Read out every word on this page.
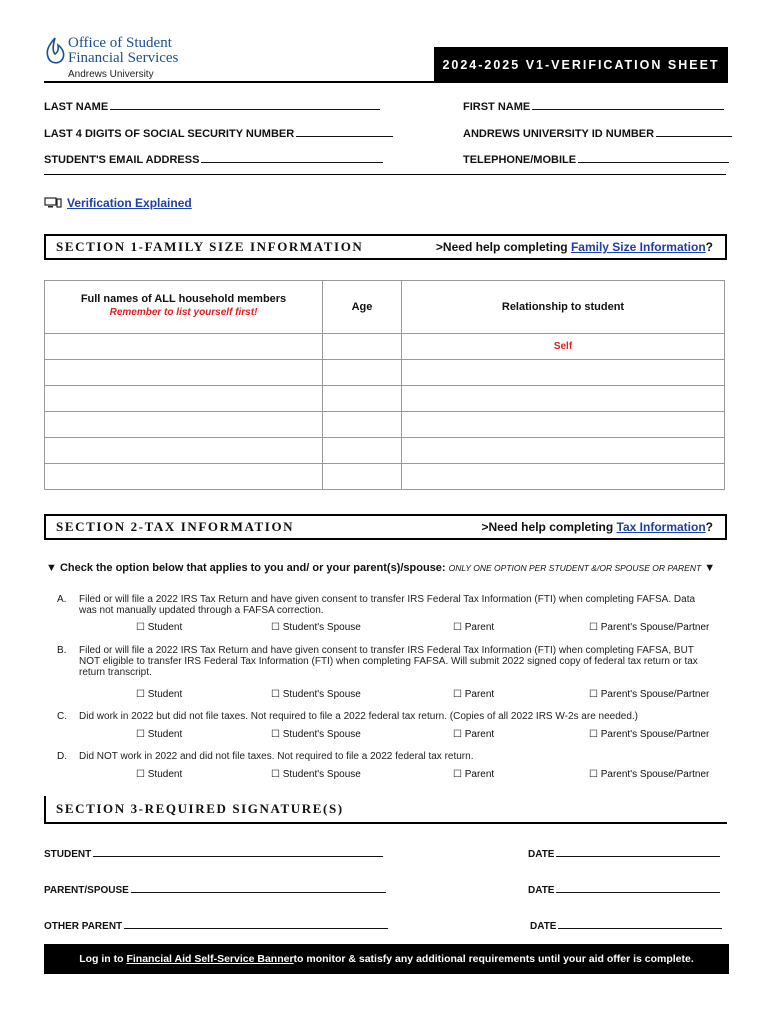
Office of Student
Financial Services
Andrews University
2024-2025 V1-VERIFICATION SHEET
LAST NAME	FIRST NAME
LAST 4 DIGITS OF SOCIAL SECURITY NUMBER	ANDREWS UNIVERSITY ID NUMBER
STUDENT'S EMAIL ADDRESS	TELEPHONE/MOBILE
Verification Explained
SECTION 1-FAMILY SIZE INFORMATION	>Need help completing Family Size Information?
Full names of ALL household members
Remember to list yourself first!	Age	Relationship to student

		Self

SECTION 2-TAX INFORMATION	>Need help completing Tax Information?
▼ Check the option below that applies to you and/ or your parent(s)/spouse: ONLY ONE OPTION PER STUDENT &/OR SPOUSE OR PARENT ▼
A. Filed or will file a 2022 IRS Tax Return and have given consent to transfer IRS Federal Tax Information (FTI) when completing FAFSA. Data
was not manually updated through a FAFSA correction.
☐ Student	☐ Student's Spouse	☐ Parent	☐ Parent's Spouse/Partner
B. Filed or will file a 2022 IRS Tax Return and have given consent to transfer IRS Federal Tax Information (FTI) when completing FAFSA, BUT
NOT eligible to transfer IRS Federal Tax Information (FTI) when completing FAFSA. Will submit 2022 signed copy of federal tax return or tax
return transcript.
☐ Student	☐ Student's Spouse	☐ Parent	☐ Parent's Spouse/Partner
C. Did work in 2022 but did not file taxes. Not required to file a 2022 federal tax return. (Copies of all 2022 IRS W-2s are needed.)
☐ Student	☐ Student's Spouse	☐ Parent	☐ Parent's Spouse/Partner
D. Did NOT work in 2022 and did not file taxes. Not required to file a 2022 federal tax return.
☐ Student	☐ Student's Spouse	☐ Parent	☐ Parent's Spouse/Partner
SECTION 3-REQUIRED SIGNATURE(S)
STUDENT	DATE
PARENT/SPOUSE	DATE
OTHER PARENT	DATE
Log in to
Financial Aid Self-Service Banner to monitor & satisfy any additional requirements until your aid offer is complete.
